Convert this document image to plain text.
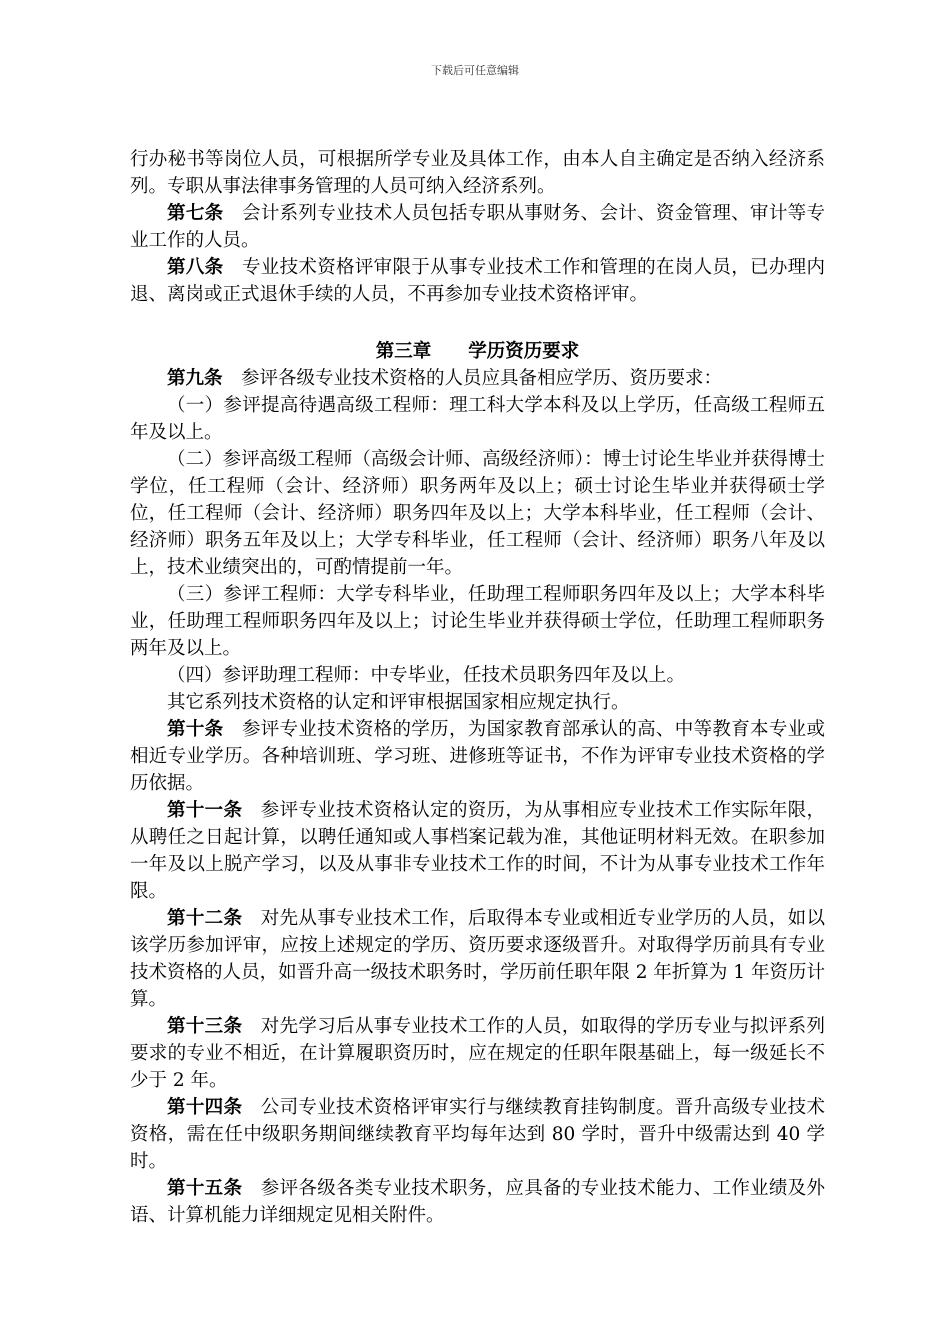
下载后可任意编辑

行办秘书等岗位人员，可根据所学专业及具体工作，由本人自主确定是否纳入经济系列。专职从事法律事务管理的人员可纳入经济系列。

第七条 会计系列专业技术人员包括专职从事财务、会计、资金管理、审计等专业工作的人员。

第八条 专业技术资格评审限于从事专业技术工作和管理的在岗人员，已办理内退、离岗或正式退休手续的人员，不再参加专业技术资格评审。

第三章 学历资历要求

第九条 参评各级专业技术资格的人员应具备相应学历、资历要求：

（一）参评提高待遇高级工程师：理工科大学本科及以上学历，任高级工程师五年及以上。

（二）参评高级工程师（高级会计师、高级经济师）：博士讨论生毕业并获得博士学位，任工程师（会计、经济师）职务两年及以上；硕士讨论生毕业并获得硕士学位，任工程师（会计、经济师）职务四年及以上；大学本科毕业，任工程师（会计、经济师）职务五年及以上；大学专科毕业，任工程师（会计、经济师）职务八年及以上，技术业绩突出的，可酌情提前一年。

（三）参评工程师：大学专科毕业，任助理工程师职务四年及以上；大学本科毕业，任助理工程师职务四年及以上；讨论生毕业并获得硕士学位，任助理工程师职务两年及以上。

（四）参评助理工程师：中专毕业，任技术员职务四年及以上。

其它系列技术资格的认定和评审根据国家相应规定执行。

第十条 参评专业技术资格的学历，为国家教育部承认的高、中等教育本专业或相近专业学历。各种培训班、学习班、进修班等证书，不作为评审专业技术资格的学历依据。

第十一条 参评专业技术资格认定的资历，为从事相应专业技术工作实际年限，从聘任之日起计算，以聘任通知或人事档案记载为准，其他证明材料无效。在职参加一年及以上脱产学习，以及从事非专业技术工作的时间，不计为从事专业技术工作年限。

第十二条 对先从事专业技术工作，后取得本专业或相近专业学历的人员，如以该学历参加评审，应按上述规定的学历、资历要求逐级晋升。对取得学历前具有专业技术资格的人员，如晋升高一级技术职务时，学历前任职年限 2 年折算为 1 年资历计算。

第十三条 对先学习后从事专业技术工作的人员，如取得的学历专业与拟评系列要求的专业不相近，在计算履职资历时，应在规定的任职年限基础上，每一级延长不少于 2 年。

第十四条 公司专业技术资格评审实行与继续教育挂钩制度。晋升高级专业技术资格，需在任中级职务期间继续教育平均每年达到 80 学时，晋升中级需达到 40 学时。

第十五条 参评各级各类专业技术职务，应具备的专业技术能力、工作业绩及外语、计算机能力详细规定见相关附件。
